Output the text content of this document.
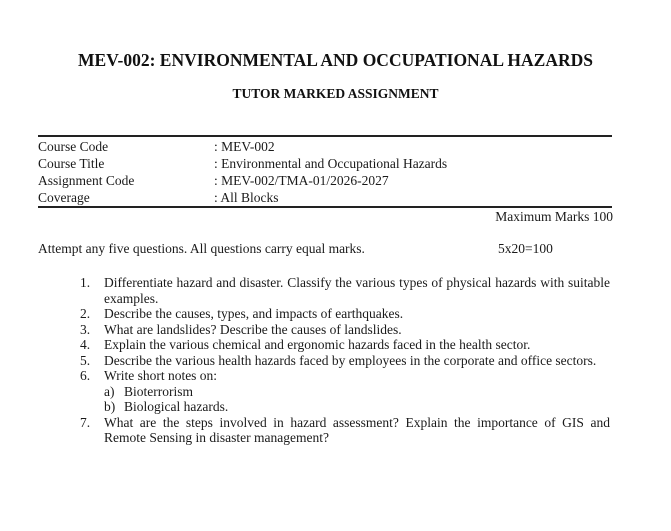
MEV-002: ENVIRONMENTAL AND OCCUPATIONAL HAZARDS
TUTOR MARKED ASSIGNMENT
Course Code	: MEV-002
Course Title	: Environmental and Occupational Hazards
Assignment Code	: MEV-002/TMA-01/2026-2027
Coverage	: All Blocks
Maximum Marks 100
Attempt any five questions. All questions carry equal marks.	5x20=100
1.	Differentiate hazard and disaster. Classify the various types of physical hazards with suitable examples.
2.	Describe the causes, types, and impacts of earthquakes.
3.	What are landslides? Describe the causes of landslides.
4.	Explain the various chemical and ergonomic hazards faced in the health sector.
5.	Describe the various health hazards faced by employees in the corporate and office sectors.
6.	Write short notes on:
a) Bioterrorism
b) Biological hazards.
7.	What are the steps involved in hazard assessment? Explain the importance of GIS and Remote Sensing in disaster management?
